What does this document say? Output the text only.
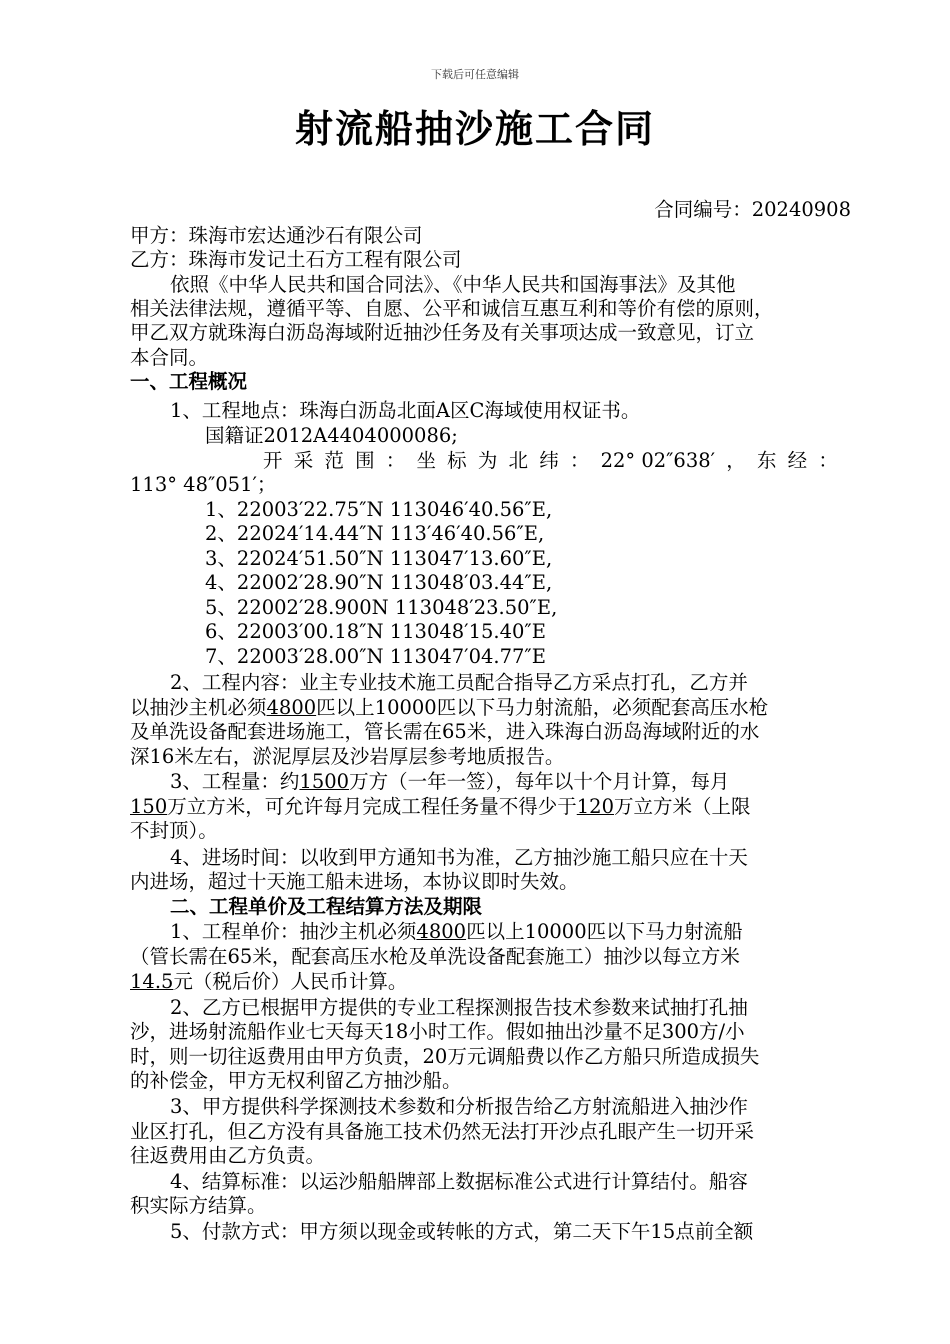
下载后可任意编辑
射流船抽沙施工合同
合同编号：20240908
甲方：珠海市宏达通沙石有限公司
乙方：珠海市发记土石方工程有限公司
依照《中华人民共和国合同法》、《中华人民共和国海事法》及其他
相关法律法规，遵循平等、自愿、公平和诚信互惠互利和等价有偿的原则，
甲乙双方就珠海白沥岛海域附近抽沙任务及有关事项达成一致意见，订立
本合同。
一、工程概况
1、工程地点：珠海白沥岛北面A区C海域使用权证书。
国籍证2012A4404000086;
开 采 范 围 ： 坐 标 为 北 纬 ： 22° 02″638′ ， 东 经 ：
113° 48″051′；
1、22003′22.75″N 113046′40.56″E,
2、22024′14.44″N 113′46′40.56″E,
3、22024′51.50″N 113047′13.60″E,
4、22002′28.90″N 113048′03.44″E,
5、22002′28.900N 113048′23.50″E,
6、22003′00.18″N 113048′15.40″E
7、22003′28.00″N 113047′04.77″E
2、工程内容：业主专业技术施工员配合指导乙方采点打孔，乙方并
以抽沙主机必须4800匹以上10000匹以下马力射流船，必须配套高压水枪
及单洗设备配套进场施工，管长需在65米，进入珠海白沥岛海域附近的水
深16米左右，淤泥厚层及沙岩厚层参考地质报告。
3、工程量：约1500万方（一年一签），每年以十个月计算，每月
150万立方米，可允许每月完成工程任务量不得少于120万立方米（上限
不封顶）。
4、进场时间：以收到甲方通知书为准，乙方抽沙施工船只应在十天
内进场，超过十天施工船未进场，本协议即时失效。
二、工程单价及工程结算方法及期限
1、工程单价：抽沙主机必须4800匹以上10000匹以下马力射流船
（管长需在65米，配套高压水枪及单洗设备配套施工）抽沙以每立方米
14.5元（税后价）人民币计算。
2、乙方已根据甲方提供的专业工程探测报告技术参数来试抽打孔抽
沙，进场射流船作业七天每天18小时工作。假如抽出沙量不足300方/小
时，则一切往返费用由甲方负责，20万元调船费以作乙方船只所造成损失
的补偿金，甲方无权利留乙方抽沙船。
3、甲方提供科学探测技术参数和分析报告给乙方射流船进入抽沙作
业区打孔，但乙方没有具备施工技术仍然无法打开沙点孔眼产生一切开采
往返费用由乙方负责。
4、结算标准：以运沙船船牌部上数据标准公式进行计算结付。船容
积实际方结算。
5、付款方式：甲方须以现金或转帐的方式，第二天下午15点前全额
